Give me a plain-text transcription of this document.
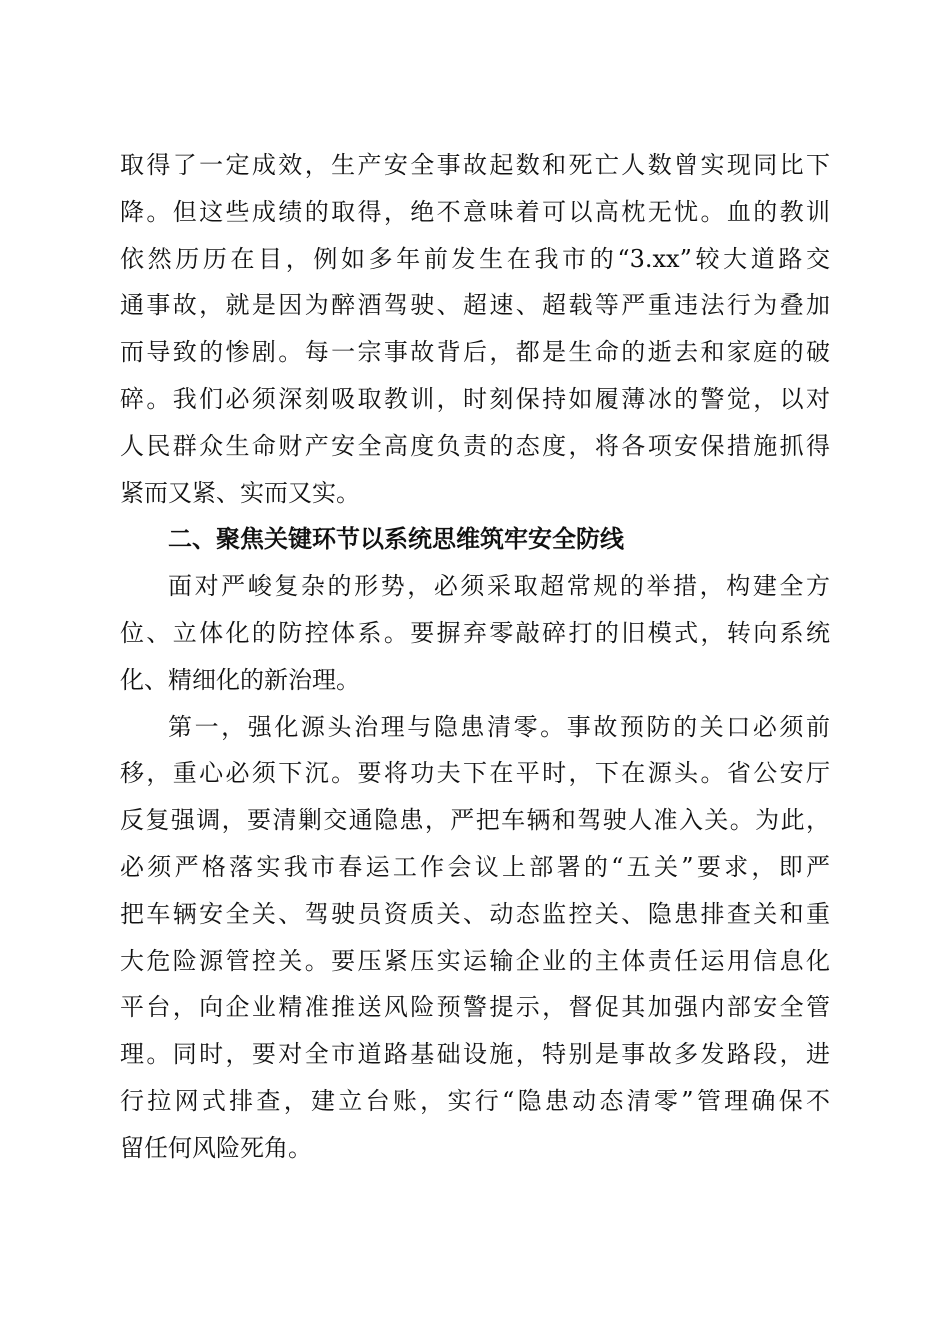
取得了一定成效，生产安全事故起数和死亡人数曾实现同比下
降。但这些成绩的取得，绝不意味着可以高枕无忧。血的教训
依然历历在目，例如多年前发生在我市的“3.xx”较大道路交
通事故，就是因为醉酒驾驶、超速、超载等严重违法行为叠加
而导致的惨剧。每一宗事故背后，都是生命的逝去和家庭的破
碎。我们必须深刻吸取教训，时刻保持如履薄冰的警觉，以对
人民群众生命财产安全高度负责的态度，将各项安保措施抓得
紧而又紧、实而又实。
二、聚焦关键环节以系统思维筑牢安全防线
面对严峻复杂的形势，必须采取超常规的举措，构建全方
位、立体化的防控体系。要摒弃零敲碎打的旧模式，转向系统
化、精细化的新治理。
第一，强化源头治理与隐患清零。事故预防的关口必须前
移，重心必须下沉。要将功夫下在平时，下在源头。省公安厅
反复强调，要清剿交通隐患，严把车辆和驾驶人准入关。为此，
必须严格落实我市春运工作会议上部署的“五关”要求，即严
把车辆安全关、驾驶员资质关、动态监控关、隐患排查关和重
大危险源管控关。要压紧压实运输企业的主体责任运用信息化
平台，向企业精准推送风险预警提示，督促其加强内部安全管
理。同时，要对全市道路基础设施，特别是事故多发路段，进
行拉网式排查，建立台账，实行“隐患动态清零”管理确保不
留任何风险死角。
